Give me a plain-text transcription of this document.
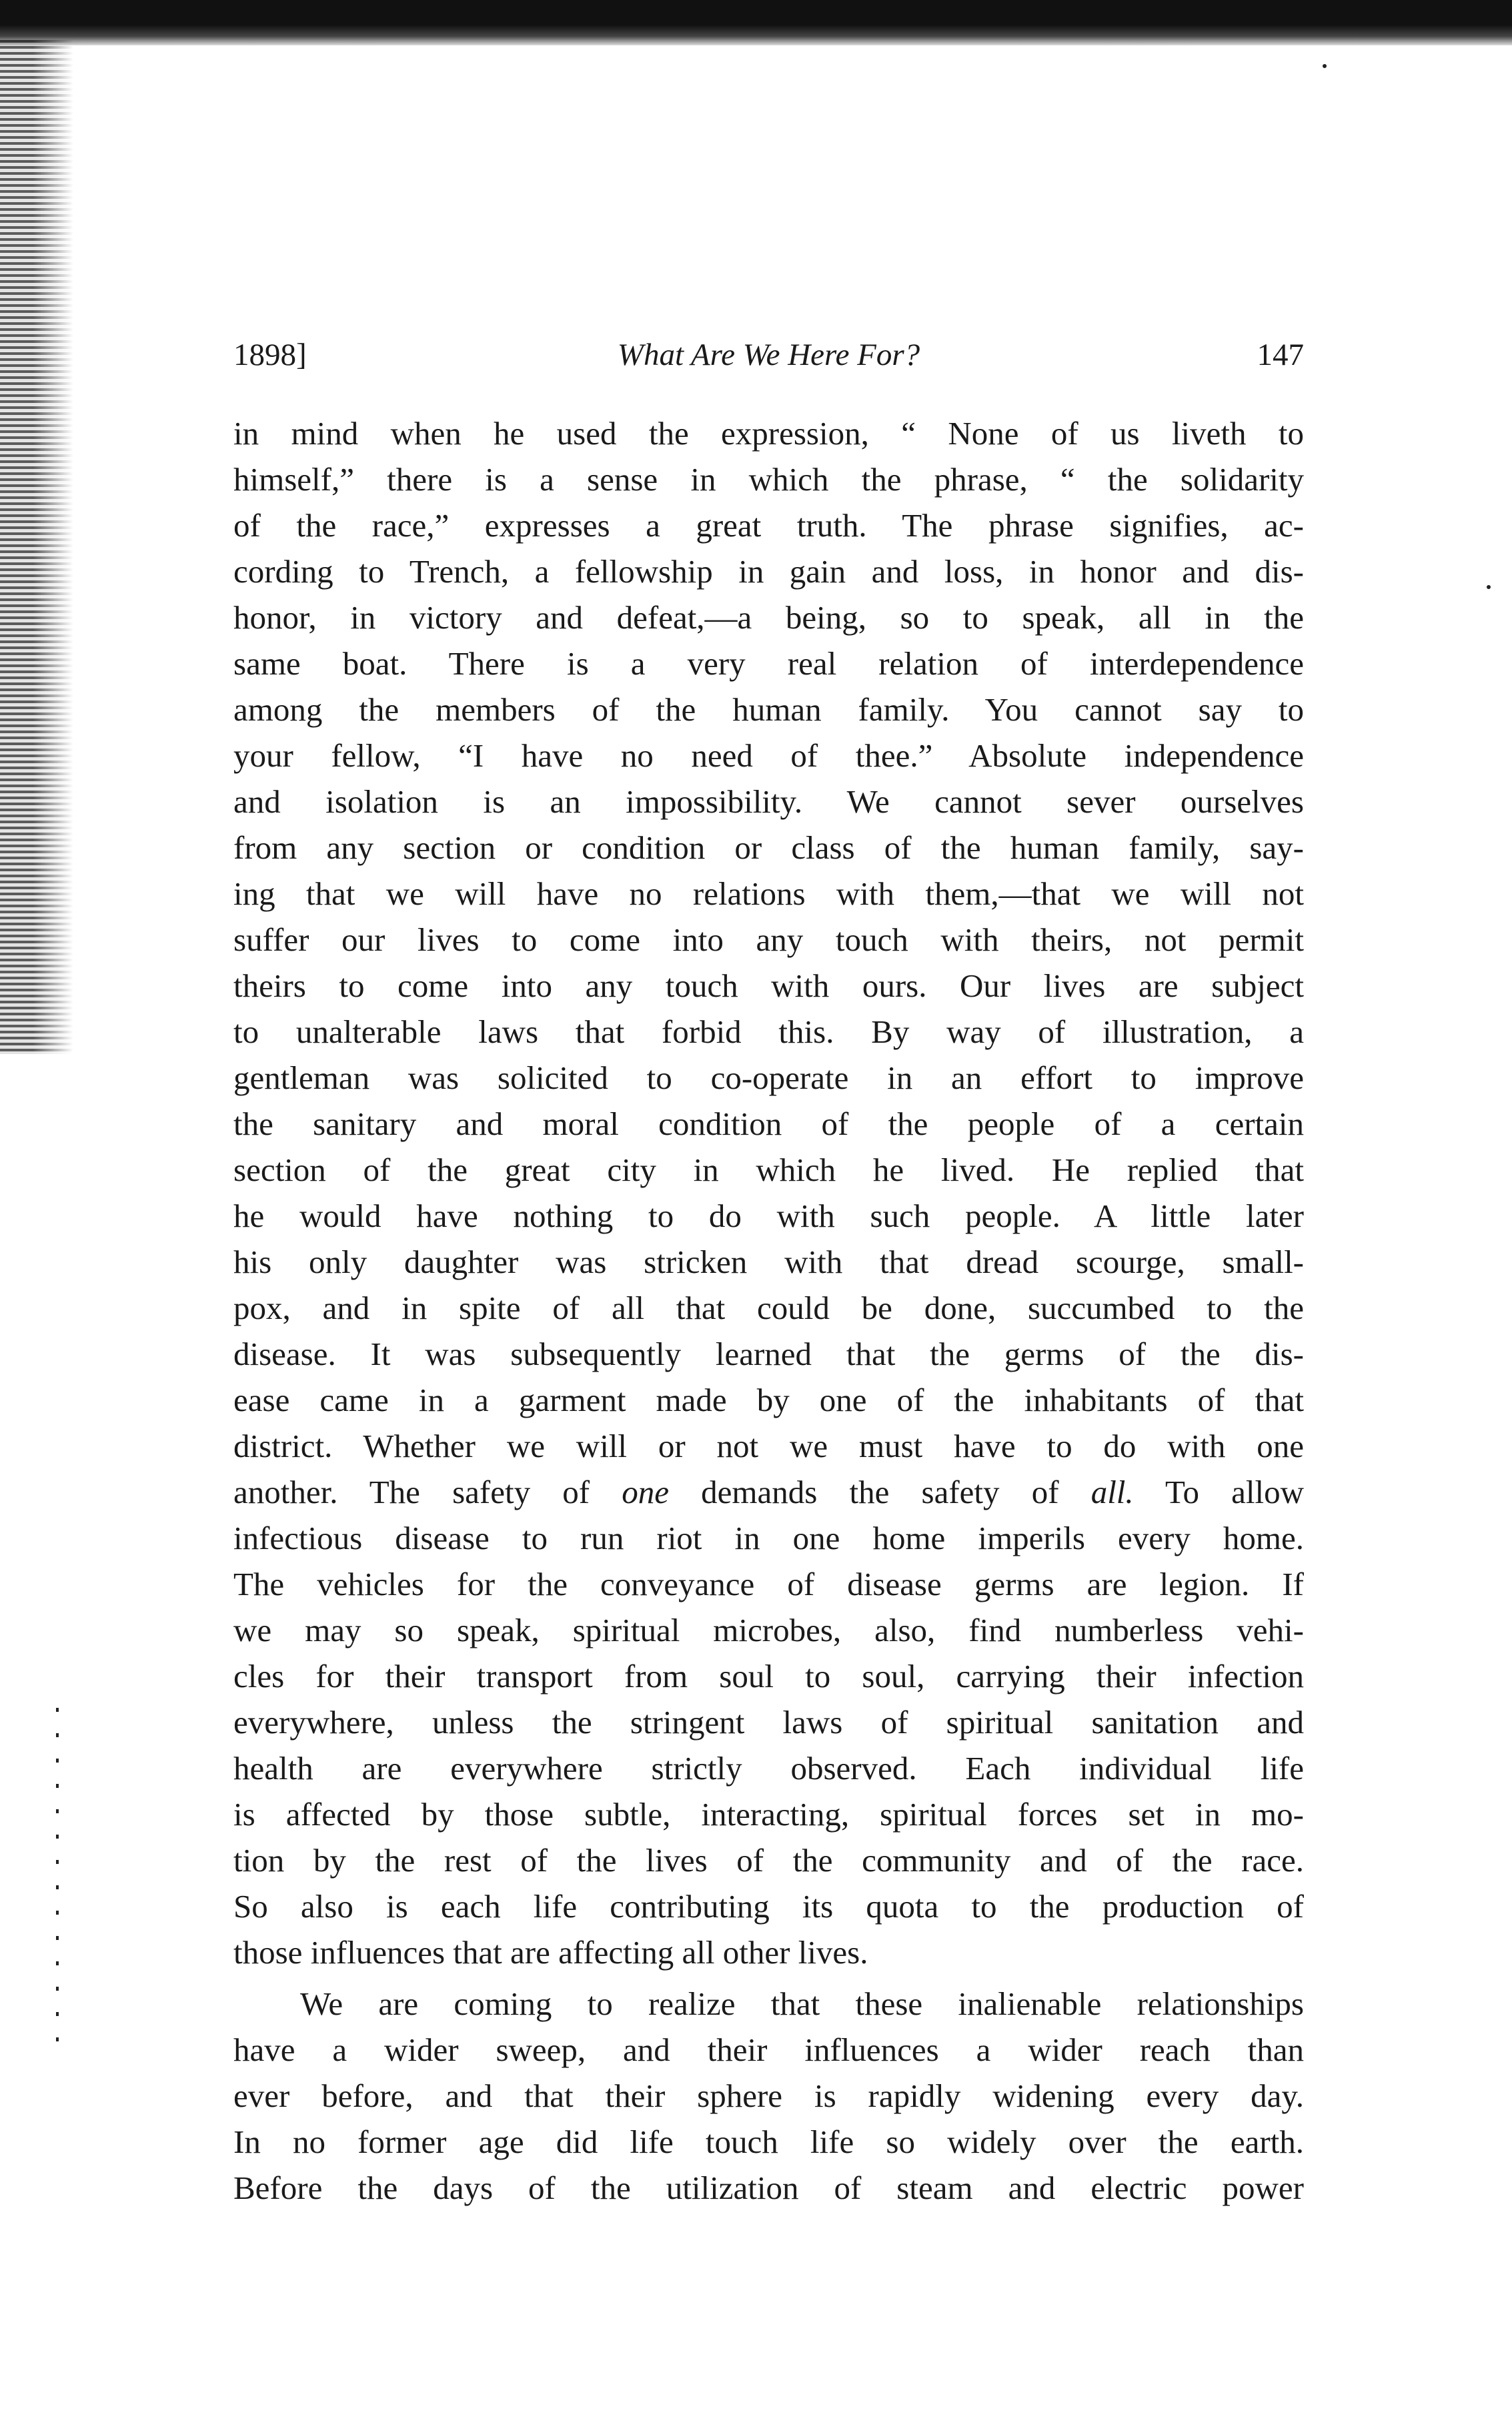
1898]	What Are We Here For?	147
in mind when he used the expression, “ None of us liveth to
himself,” there is a sense in which the phrase, “ the solidarity
of the race,” expresses a great truth. The phrase signifies, ac-
cording to Trench, a fellowship in gain and loss, in honor and dis-
honor, in victory and defeat,—a being, so to speak, all in the
same boat. There is a very real relation of interdependence
among the members of the human family. You cannot say to
your fellow, “I have no need of thee.” Absolute independence
and isolation is an impossibility. We cannot sever ourselves
from any section or condition or class of the human family, say-
ing that we will have no relations with them,—that we will not
suffer our lives to come into any touch with theirs, not permit
theirs to come into any touch with ours. Our lives are subject
to unalterable laws that forbid this. By way of illustration, a
gentleman was solicited to co-operate in an effort to improve
the sanitary and moral condition of the people of a certain
section of the great city in which he lived. He replied that
he would have nothing to do with such people. A little later
his only daughter was stricken with that dread scourge, small-
pox, and in spite of all that could be done, succumbed to the
disease. It was subsequently learned that the germs of the dis-
ease came in a garment made by one of the inhabitants of that
district. Whether we will or not we must have to do with one
another. The safety of one demands the safety of all. To allow
infectious disease to run riot in one home imperils every home.
The vehicles for the conveyance of disease germs are legion. If
we may so speak, spiritual microbes, also, find numberless vehi-
cles for their transport from soul to soul, carrying their infection
everywhere, unless the stringent laws of spiritual sanitation and
health are everywhere strictly observed. Each individual life
is affected by those subtle, interacting, spiritual forces set in mo-
tion by the rest of the lives of the community and of the race.
So also is each life contributing its quota to the production of
those influences that are affecting all other lives.
We are coming to realize that these inalienable relationships
have a wider sweep, and their influences a wider reach than
ever before, and that their sphere is rapidly widening every day.
In no former age did life touch life so widely over the earth.
Before the days of the utilization of steam and electric power
